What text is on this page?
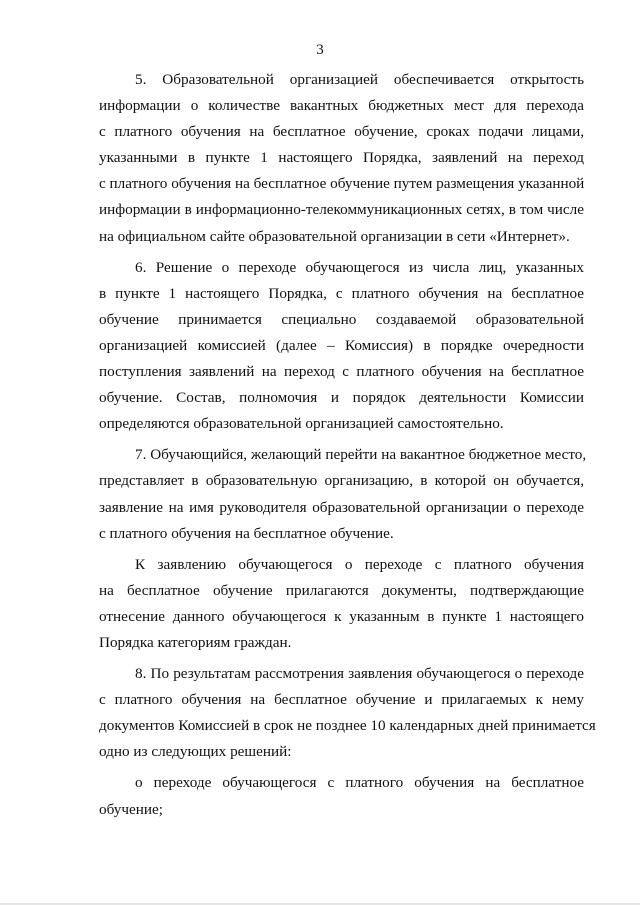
3
5. Образовательной организацией обеспечивается открытость
информации о количестве вакантных бюджетных мест для перехода
с платного обучения на бесплатное обучение, сроках подачи лицами,
указанными в пункте 1 настоящего Порядка, заявлений на переход
с платного обучения на бесплатное обучение путем размещения указанной
информации в информационно-телекоммуникационных сетях, в том числе
на официальном сайте образовательной организации в сети «Интернет».
6. Решение о переходе обучающегося из числа лиц, указанных
в пункте 1 настоящего Порядка, с платного обучения на бесплатное
обучение принимается специально создаваемой образовательной
организацией комиссией (далее – Комиссия) в порядке очередности
поступления заявлений на переход с платного обучения на бесплатное
обучение. Состав, полномочия и порядок деятельности Комиссии
определяются образовательной организацией самостоятельно.
7. Обучающийся, желающий перейти на вакантное бюджетное место,
представляет в образовательную организацию, в которой он обучается,
заявление на имя руководителя образовательной организации о переходе
с платного обучения на бесплатное обучение.
К заявлению обучающегося о переходе с платного обучения
на бесплатное обучение прилагаются документы, подтверждающие
отнесение данного обучающегося к указанным в пункте 1 настоящего
Порядка категориям граждан.
8. По результатам рассмотрения заявления обучающегося о переходе
с платного обучения на бесплатное обучение и прилагаемых к нему
документов Комиссией в срок не позднее 10 календарных дней принимается
одно из следующих решений:
о переходе обучающегося с платного обучения на бесплатное
обучение;
